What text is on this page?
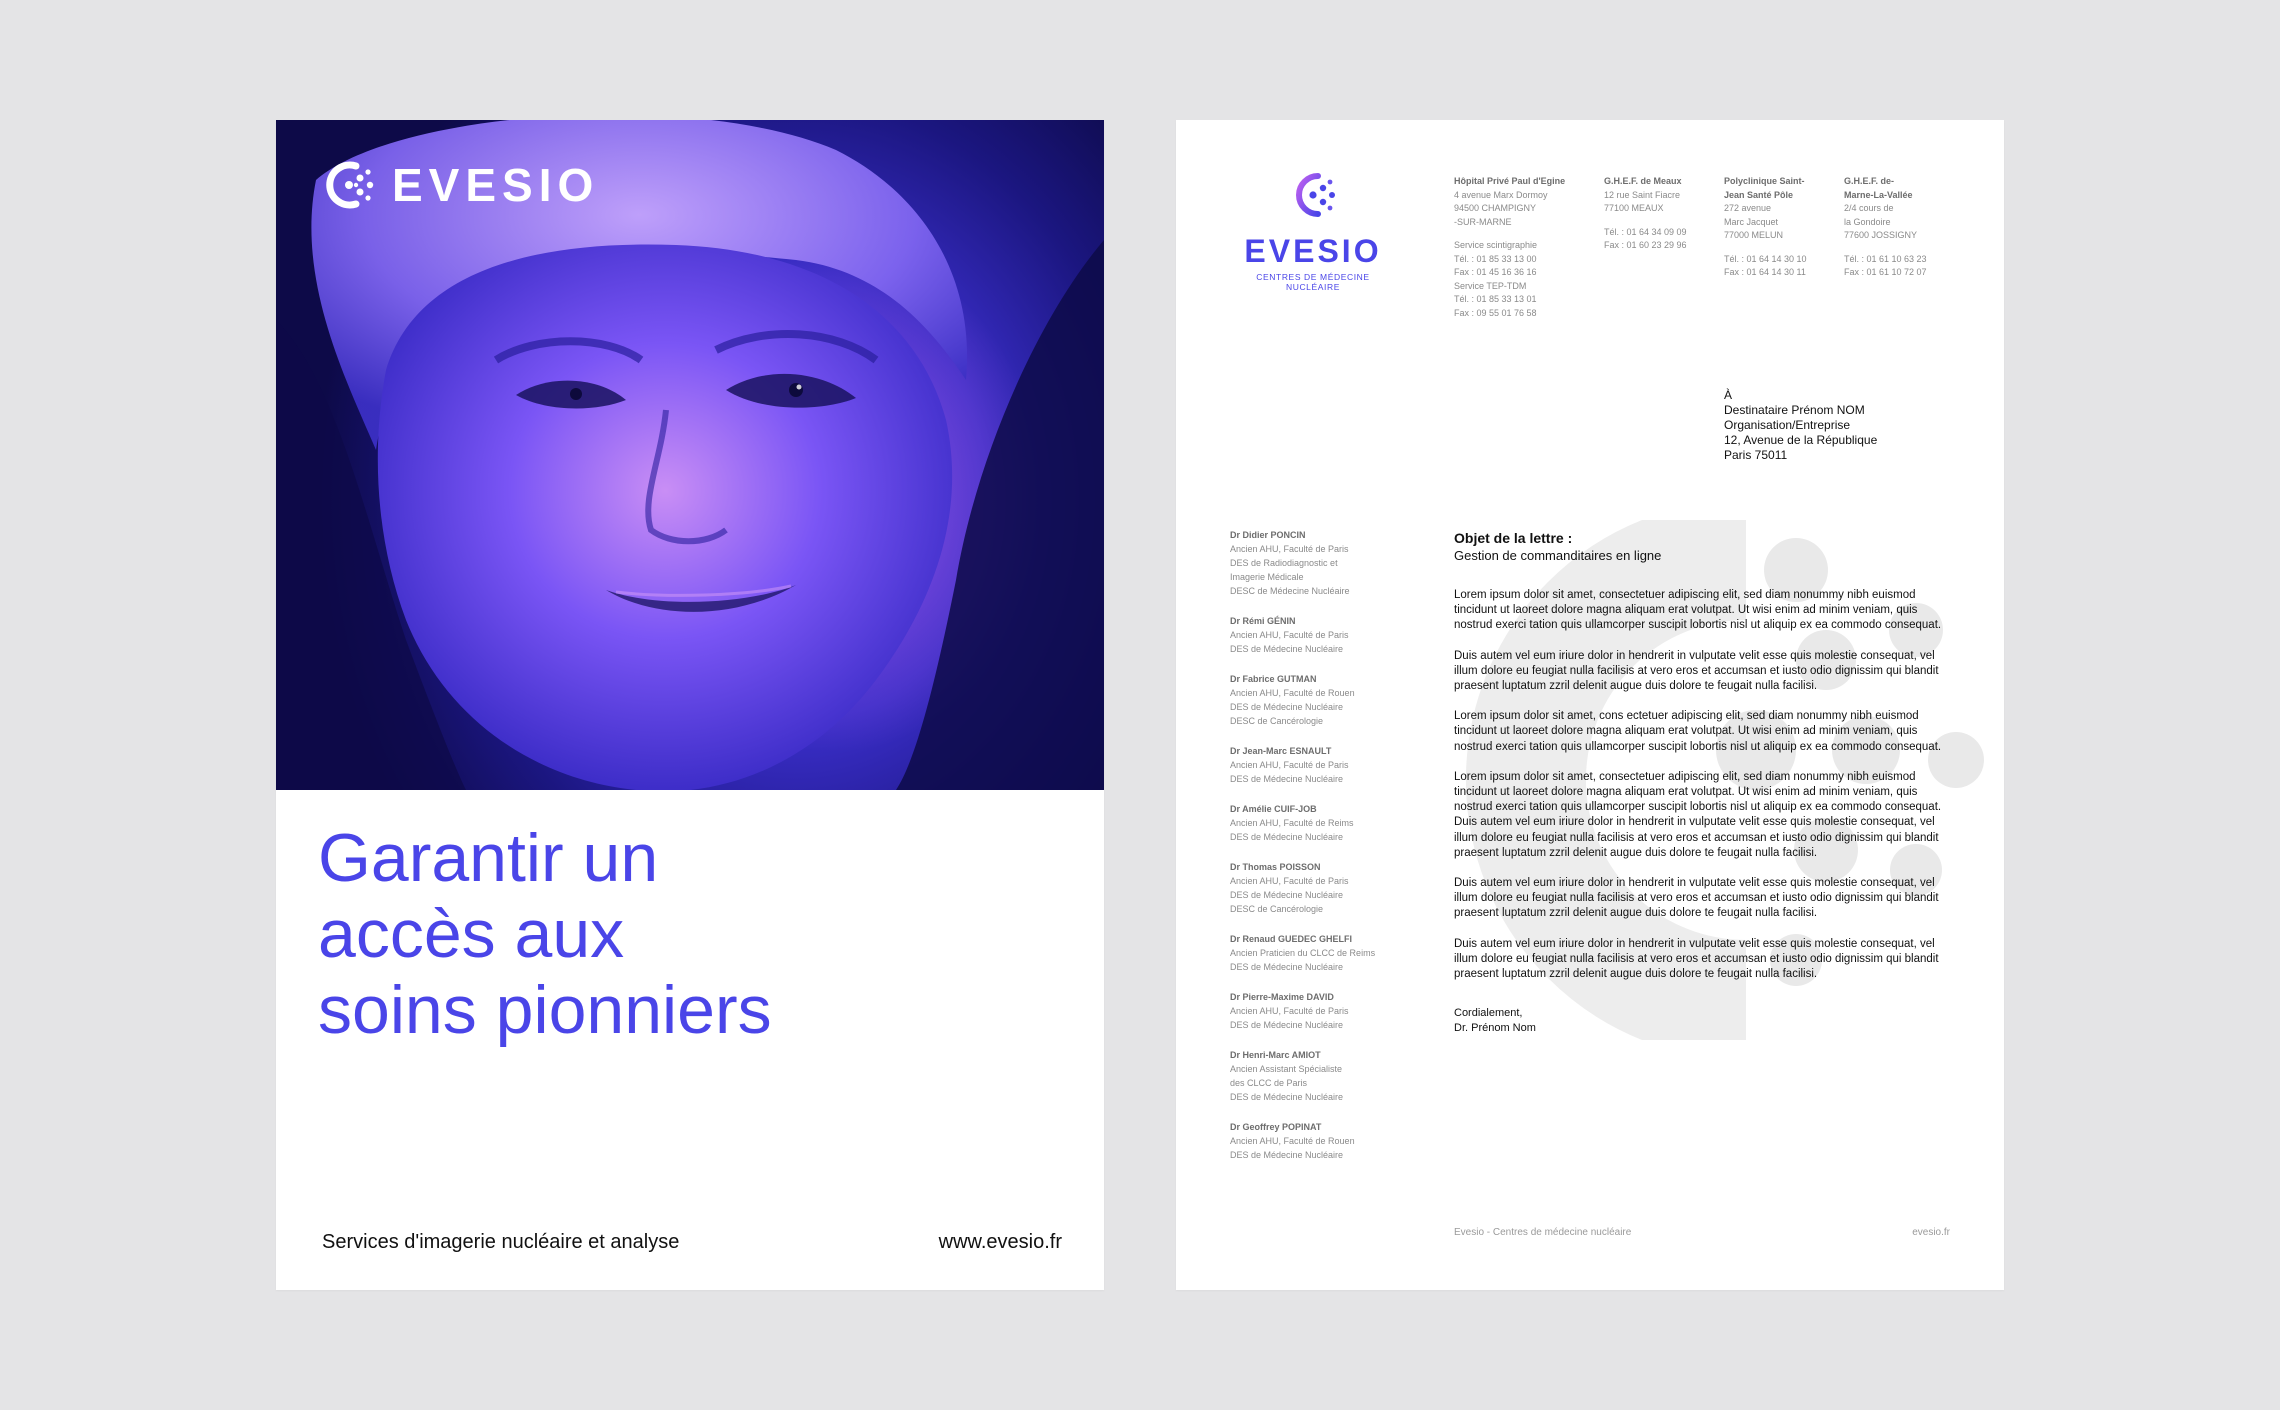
EVESIO
Garantir un
accès aux
soins pionniers
Services d'imagerie nucléaire et analyse	www.evesio.fr
EVESIO
CENTRES DE MÉDECINE NUCLÉAIRE
Hôpital Privé Paul d'Egine
4 avenue Marx Dormoy
94500 CHAMPIGNY
-SUR-MARNE
Service scintigraphie
Tél. : 01 85 33 13 00
Fax : 01 45 16 36 16
Service TEP-TDM
Tél. : 01 85 33 13 01
Fax : 09 55 01 76 58
G.H.E.F. de Meaux
12 rue Saint Fiacre
77100 MEAUX
Tél. : 01 64 34 09 09
Fax : 01 60 23 29 96
Polyclinique Saint-
Jean Santé Pôle
272 avenue
Marc Jacquet
77000 MELUN
Tél. : 01 64 14 30 10
Fax : 01 64 14 30 11
G.H.E.F. de-
Marne-La-Vallée
2/4 cours de
la Gondoire
77600 JOSSIGNY
Tél. : 01 61 10 63 23
Fax : 01 61 10 72 07
À
Destinataire Prénom NOM
Organisation/Entreprise
12, Avenue de la République
Paris 75011
Dr Didier PONCIN
Ancien AHU, Faculté de Paris
DES de Radiodiagnostic et
Imagerie Médicale
DESC de Médecine Nucléaire
Dr Rémi GÉNIN
Ancien AHU, Faculté de Paris
DES de Médecine Nucléaire
Dr Fabrice GUTMAN
Ancien AHU, Faculté de Rouen
DES de Médecine Nucléaire
DESC de Cancérologie
Dr Jean-Marc ESNAULT
Ancien AHU, Faculté de Paris
DES de Médecine Nucléaire
Dr Amélie CUIF-JOB
Ancien AHU, Faculté de Reims
DES de Médecine Nucléaire
Dr Thomas POISSON
Ancien AHU, Faculté de Paris
DES de Médecine Nucléaire
DESC de Cancérologie
Dr Renaud GUEDEC GHELFI
Ancien Praticien du CLCC de Reims
DES de Médecine Nucléaire
Dr Pierre-Maxime DAVID
Ancien AHU, Faculté de Paris
DES de Médecine Nucléaire
Dr Henri-Marc AMIOT
Ancien Assistant Spécialiste
des CLCC de Paris
DES de Médecine Nucléaire
Dr Geoffrey POPINAT
Ancien AHU, Faculté de Rouen
DES de Médecine Nucléaire
Objet de la lettre :
Gestion de commanditaires en ligne

Lorem ipsum dolor sit amet, consectetuer adipiscing elit, sed diam nonummy nibh euismod tincidunt ut laoreet dolore magna aliquam erat volutpat. Ut wisi enim ad minim veniam, quis nostrud exerci tation quis ullamcorper suscipit lobortis nisl ut aliquip ex ea commodo consequat.

Duis autem vel eum iriure dolor in hendrerit in vulputate velit esse quis molestie consequat, vel illum dolore eu feugiat nulla facilisis at vero eros et accumsan et iusto odio dignissim qui blandit praesent luptatum zzril delenit augue duis dolore te feugait nulla facilisi.

Lorem ipsum dolor sit amet, cons ectetuer adipiscing elit, sed diam nonummy nibh euismod tincidunt ut laoreet dolore magna aliquam erat volutpat. Ut wisi enim ad minim veniam, quis nostrud exerci tation quis ullamcorper suscipit lobortis nisl ut aliquip ex ea commodo consequat.

Lorem ipsum dolor sit amet, consectetuer adipiscing elit, sed diam nonummy nibh euismod tincidunt ut laoreet dolore magna aliquam erat volutpat. Ut wisi enim ad minim veniam, quis nostrud exerci tation quis ullamcorper suscipit lobortis nisl ut aliquip ex ea commodo consequat. Duis autem vel eum iriure dolor in hendrerit in vulputate velit esse quis molestie consequat, vel illum dolore eu feugiat nulla facilisis at vero eros et accumsan et iusto odio dignissim qui blandit praesent luptatum zzril delenit augue duis dolore te feugait nulla facilisi.

Duis autem vel eum iriure dolor in hendrerit in vulputate velit esse quis molestie consequat, vel illum dolore eu feugiat nulla facilisis at vero eros et accumsan et iusto odio dignissim qui blandit praesent luptatum zzril delenit augue duis dolore te feugait nulla facilisi.

Duis autem vel eum iriure dolor in hendrerit in vulputate velit esse quis molestie consequat, vel illum dolore eu feugiat nulla facilisis at vero eros et accumsan et iusto odio dignissim qui blandit praesent luptatum zzril delenit augue duis dolore te feugait nulla facilisi.

Cordialement,
Dr. Prénom Nom
Evesio - Centres de médecine nucléaire	evesio.fr
